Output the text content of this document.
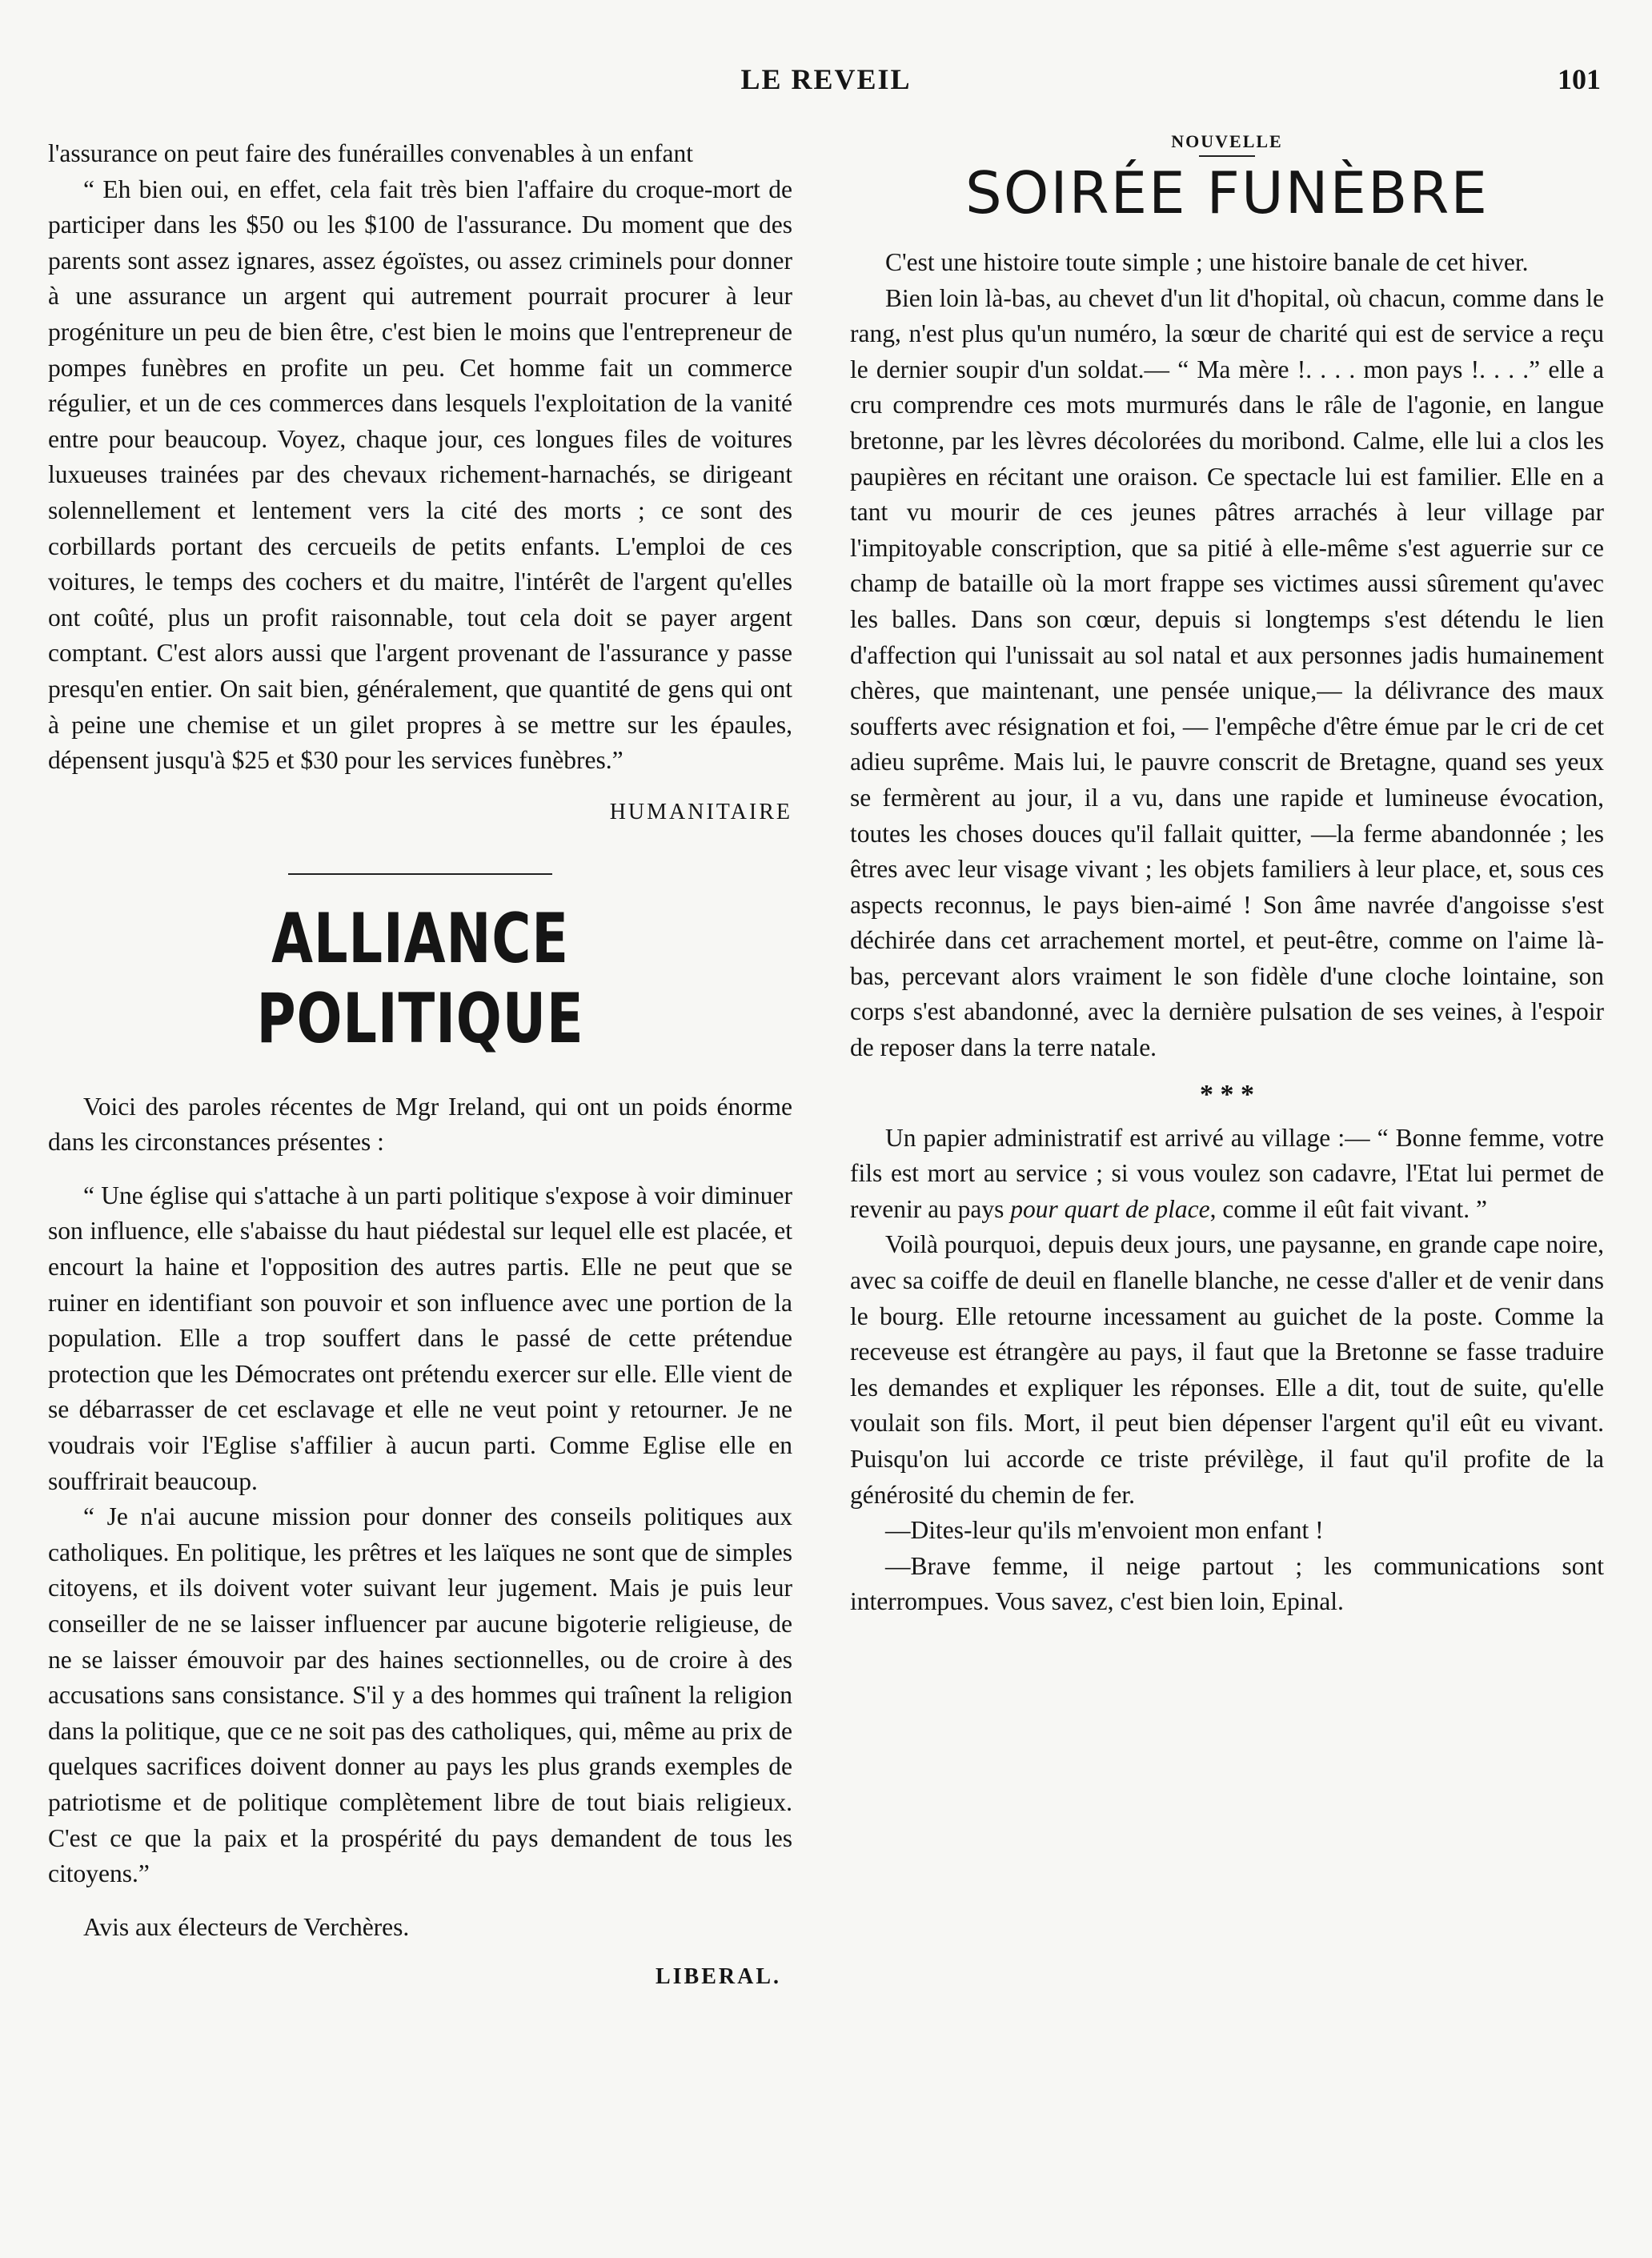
LE REVEIL	101

l'assurance on peut faire des funérailles convenables à un enfant

“ Eh bien oui, en effet, cela fait très bien l'affaire du croque-mort de participer dans les $50 ou les $100 de l'assurance. Du moment que des parents sont assez ignares, assez égoïstes, ou assez criminels pour donner à une assurance un argent qui autrement pourrait procurer à leur progéniture un peu de bien être, c'est bien le moins que l'entrepreneur de pompes funèbres en profite un peu. Cet homme fait un commerce régulier, et un de ces commerces dans lesquels l'exploitation de la vanité entre pour beaucoup. Voyez, chaque jour, ces longues files de voitures luxueuses trainées par des chevaux richement-harnachés, se dirigeant solennellement et lentement vers la cité des morts ; ce sont des corbillards portant des cercueils de petits enfants. L'emploi de ces voitures, le temps des cochers et du maitre, l'intérêt de l'argent qu'elles ont coûté, plus un profit raisonnable, tout cela doit se payer argent comptant. C'est alors aussi que l'argent provenant de l'assurance y passe presqu'en entier. On sait bien, généralement, que quantité de gens qui ont à peine une chemise et un gilet propres à se mettre sur les épaules, dépensent jusqu'à $25 et $30 pour les services funèbres.”

HUMANITAIRE
ALLIANCE POLITIQUE

Voici des paroles récentes de Mgr Ireland, qui ont un poids énorme dans les circonstances présentes :

“ Une église qui s'attache à un parti politique s'expose à voir diminuer son influence, elle s'abaisse du haut piédestal sur lequel elle est placée, et encourt la haine et l'opposition des autres partis. Elle ne peut que se ruiner en identifiant son pouvoir et son influence avec une portion de la population. Elle a trop souffert dans le passé de cette prétendue protection que les Démocrates ont prétendu exercer sur elle. Elle vient de se débarrasser de cet esclavage et elle ne veut point y retourner. Je ne voudrais voir l'Eglise s'affilier à aucun parti. Comme Eglise elle en souffrirait beaucoup.

“ Je n'ai aucune mission pour donner des conseils politiques aux catholiques. En politique, les prêtres et les laïques ne sont que de simples citoyens, et ils doivent voter suivant leur jugement. Mais je puis leur conseiller de ne se laisser influencer par aucune bigoterie religieuse, de ne se laisser émouvoir par des haines sectionnelles, ou de croire à des accusations sans consistance. S'il y a des hommes qui traînent la religion dans la politique, que ce ne soit pas des catholiques, qui, même au prix de quelques sacrifices doivent donner au pays les plus grands exemples de patriotisme et de politique complètement libre de tout biais religieux. C'est ce que la paix et la prospérité du pays demandent de tous les citoyens.”

Avis aux électeurs de Verchères.

LIBERAL.
NOUVELLE
SOIRÉE FUNÈBRE

C'est une histoire toute simple ; une histoire banale de cet hiver.

Bien loin là-bas, au chevet d'un lit d'hopital, où chacun, comme dans le rang, n'est plus qu'un numéro, la sœur de charité qui est de service a reçu le dernier soupir d'un soldat.— “ Ma mère !. . . . mon pays !. . . .” elle a cru comprendre ces mots murmurés dans le râle de l'agonie, en langue bretonne, par les lèvres décolorées du moribond. Calme, elle lui a clos les paupières en récitant une oraison. Ce spectacle lui est familier. Elle en a tant vu mourir de ces jeunes pâtres arrachés à leur village par l'impitoyable conscription, que sa pitié à elle-même s'est aguerrie sur ce champ de bataille où la mort frappe ses victimes aussi sûrement qu'avec les balles. Dans son cœur, depuis si longtemps s'est détendu le lien d'affection qui l'unissait au sol natal et aux personnes jadis humainement chères, que maintenant, une pensée unique,— la délivrance des maux soufferts avec résignation et foi, — l'empêche d'être émue par le cri de cet adieu suprême. Mais lui, le pauvre conscrit de Bretagne, quand ses yeux se fermèrent au jour, il a vu, dans une rapide et lumineuse évocation, toutes les choses douces qu'il fallait quitter, —la ferme abandonnée ; les êtres avec leur visage vivant ; les objets familiers à leur place, et, sous ces aspects reconnus, le pays bien-aimé ! Son âme navrée d'angoisse s'est déchirée dans cet arrachement mortel, et peut-être, comme on l'aime là-bas, percevant alors vraiment le son fidèle d'une cloche lointaine, son corps s'est abandonné, avec la dernière pulsation de ses veines, à l'espoir de reposer dans la terre natale.

* * *

Un papier administratif est arrivé au village :— “ Bonne femme, votre fils est mort au service ; si vous voulez son cadavre, l'Etat lui permet de revenir au pays pour quart de place, comme il eût fait vivant. ”

Voilà pourquoi, depuis deux jours, une paysanne, en grande cape noire, avec sa coiffe de deuil en flanelle blanche, ne cesse d'aller et de venir dans le bourg. Elle retourne incessament au guichet de la poste. Comme la receveuse est étrangère au pays, il faut que la Bretonne se fasse traduire les demandes et expliquer les réponses. Elle a dit, tout de suite, qu'elle voulait son fils. Mort, il peut bien dépenser l'argent qu'il eût eu vivant. Puisqu'on lui accorde ce triste prévilège, il faut qu'il profite de la générosité du chemin de fer.

—Dites-leur qu'ils m'envoient mon enfant !

—Brave femme, il neige partout ; les communications sont interrompues. Vous savez, c'est bien loin, Epinal.
